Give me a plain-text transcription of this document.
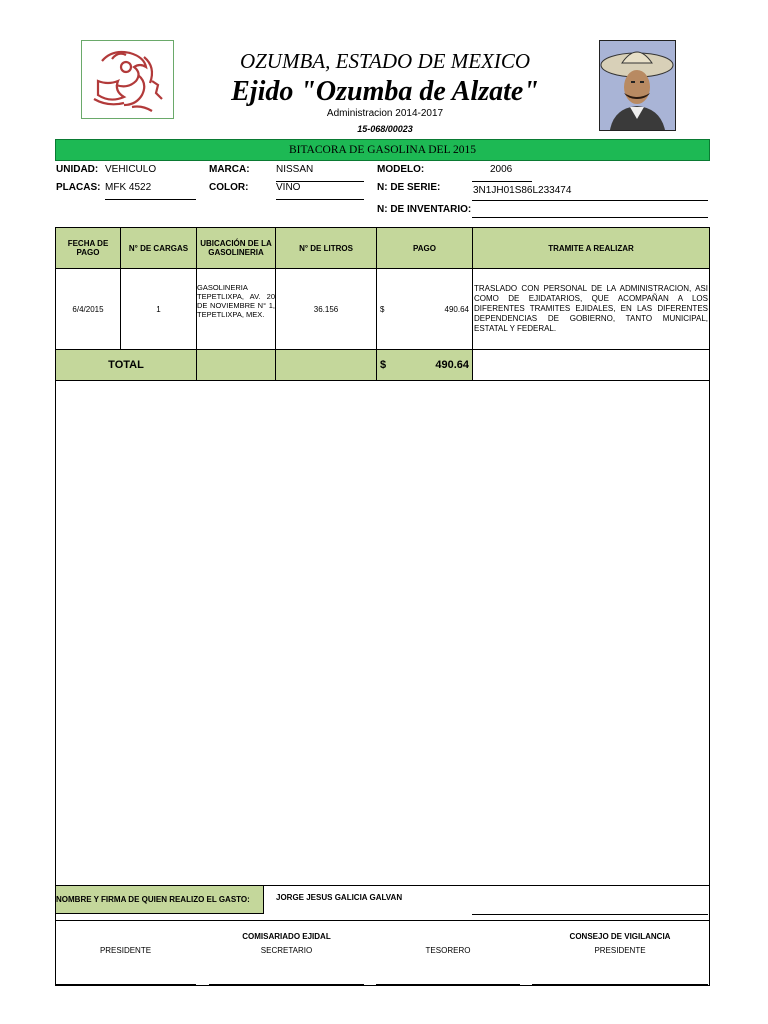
OZUMBA, ESTADO DE MEXICO
Ejido "Ozumba de Alzate"
Administracion 2014-2017
15-068/00023
BITACORA DE GASOLINA DEL 2015
UNIDAD: VEHICULO	MARCA:	NISSAN	MODELO:	2006
PLACAS: MFK 4522	COLOR:	VINO	N: DE SERIE:	3N1JH01S86L233474
N: DE INVENTARIO:
FECHA DE PAGO	N° DE CARGAS	UBICACIÓN DE LA GASOLINERIA	N° DE LITROS	PAGO	TRAMITE A REALIZAR
6/4/2015	1	GASOLINERIA TEPETLIXPA, AV. 20 DE NOVIEMBRE N° 1, TEPETLIXPA, MEX.	36.156	$ 490.64	TRASLADO CON PERSONAL DE LA ADMINISTRACION, ASI COMO DE EJIDATARIOS, QUE ACOMPAÑAN A LOS DIFERENTES TRAMITES EJIDALES, EN LAS DIFERENTES DEPENDENCIAS DE GOBIERNO, TANTO MUNICIPAL, ESTATAL Y FEDERAL.
TOTAL				$ 490.64	

NOMBRE Y FIRMA DE QUIEN REALIZO EL GASTO:	JORGE JESUS GALICIA GALVAN
COMISARIADO EJIDAL	CONSEJO DE VIGILANCIA
PRESIDENTE	SECRETARIO	TESORERO	PRESIDENTE
